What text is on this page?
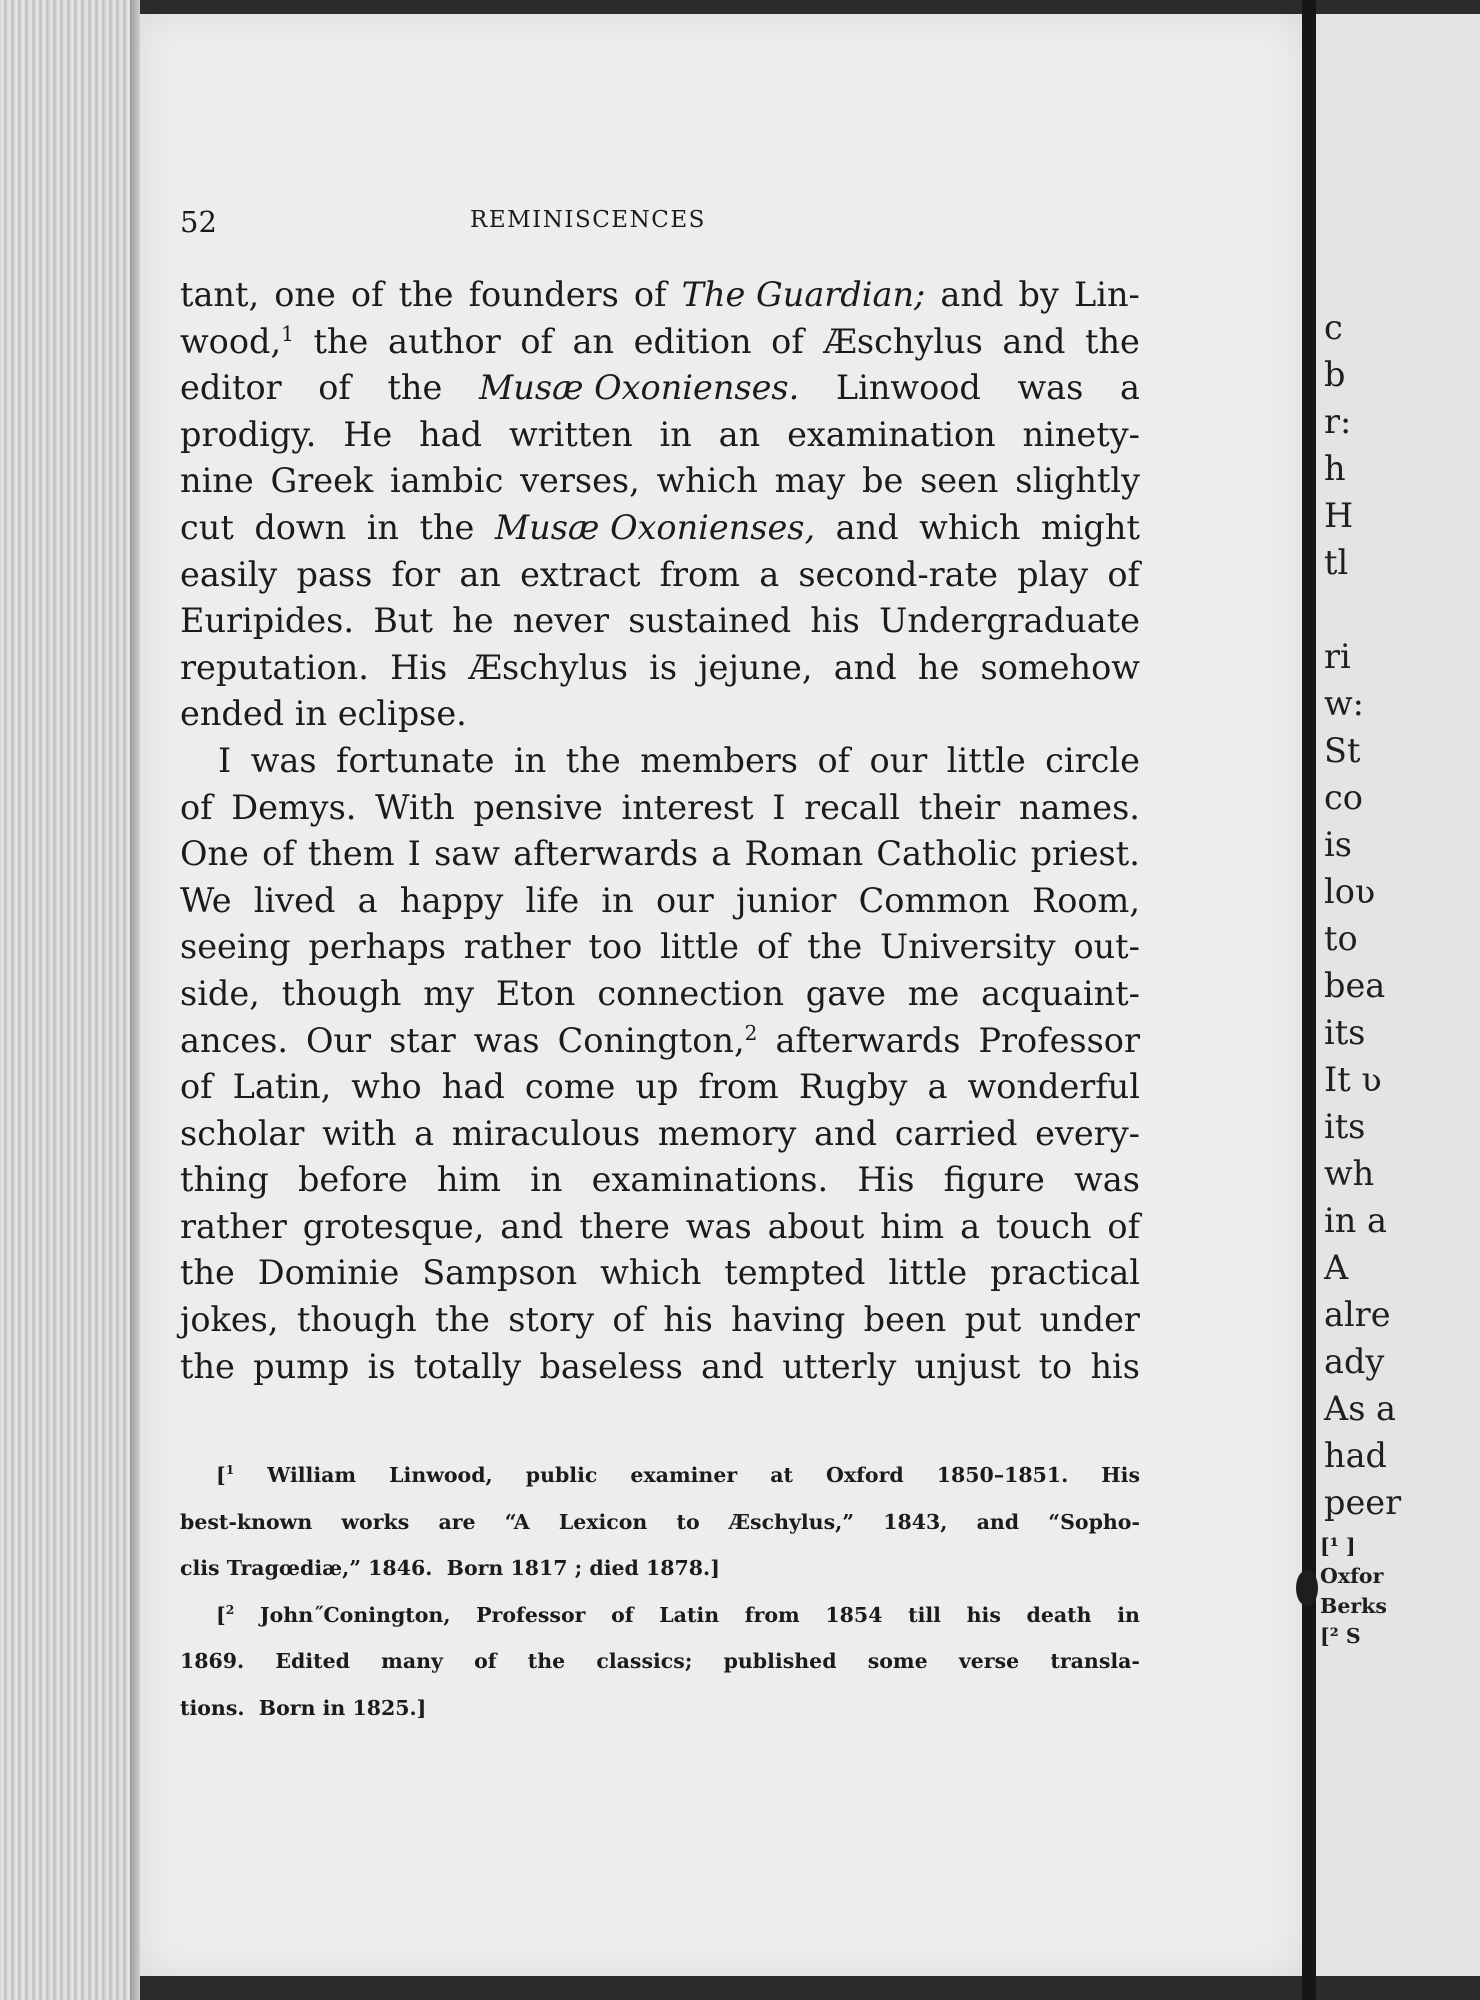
52	REMINISCENCES
tant, one of the founders of The Guardian; and by Lin-
wood,$^1$ the author of an edition of Æschylus and the
editor of the Musæ Oxonienses. Linwood was a
prodigy. He had written in an examination ninety-
nine Greek iambic verses, which may be seen slightly
cut down in the Musæ Oxonienses, and which might
easily pass for an extract from a second-rate play of
Euripides. But he never sustained his Undergraduate
reputation. His Æschylus is jejune, and he somehow
ended in eclipse.
I was fortunate in the members of our little circle
of Demys. With pensive interest I recall their names.
One of them I saw afterwards a Roman Catholic priest.
We lived a happy life in our junior Common Room,
seeing perhaps rather too little of the University out-
side, though my Eton connection gave me acquaint-
ances. Our star was Conington,$^2$ afterwards Professor
of Latin, who had come up from Rugby a wonderful
scholar with a miraculous memory and carried every-
thing before him in examinations. His figure was
rather grotesque, and there was about him a touch of
the Dominie Sampson which tempted little practical
jokes, though the story of his having been put under
the pump is totally baseless and utterly unjust to his
[$^1$ William Linwood, public examiner at Oxford 1850–1851. His
best-known works are “A Lexicon to Æschylus,” 1843, and “Sopho-
clis Tragœdiæ,” 1846.  Born 1817 ; died 1878.]
[$^2$ John˝Conington, Professor of Latin from 1854 till his death in
1869. Edited many of the classics; published some verse transla-
tions.  Born in 1825.]
c
b
r:
h
H
tl
ri
w:
St
co
is
loʋ
to
bea
its
It ʋ
its
wh
in a
A
alre
ady
As a
had
peer
[¹ ]
Oxfor
Berks
[² S
